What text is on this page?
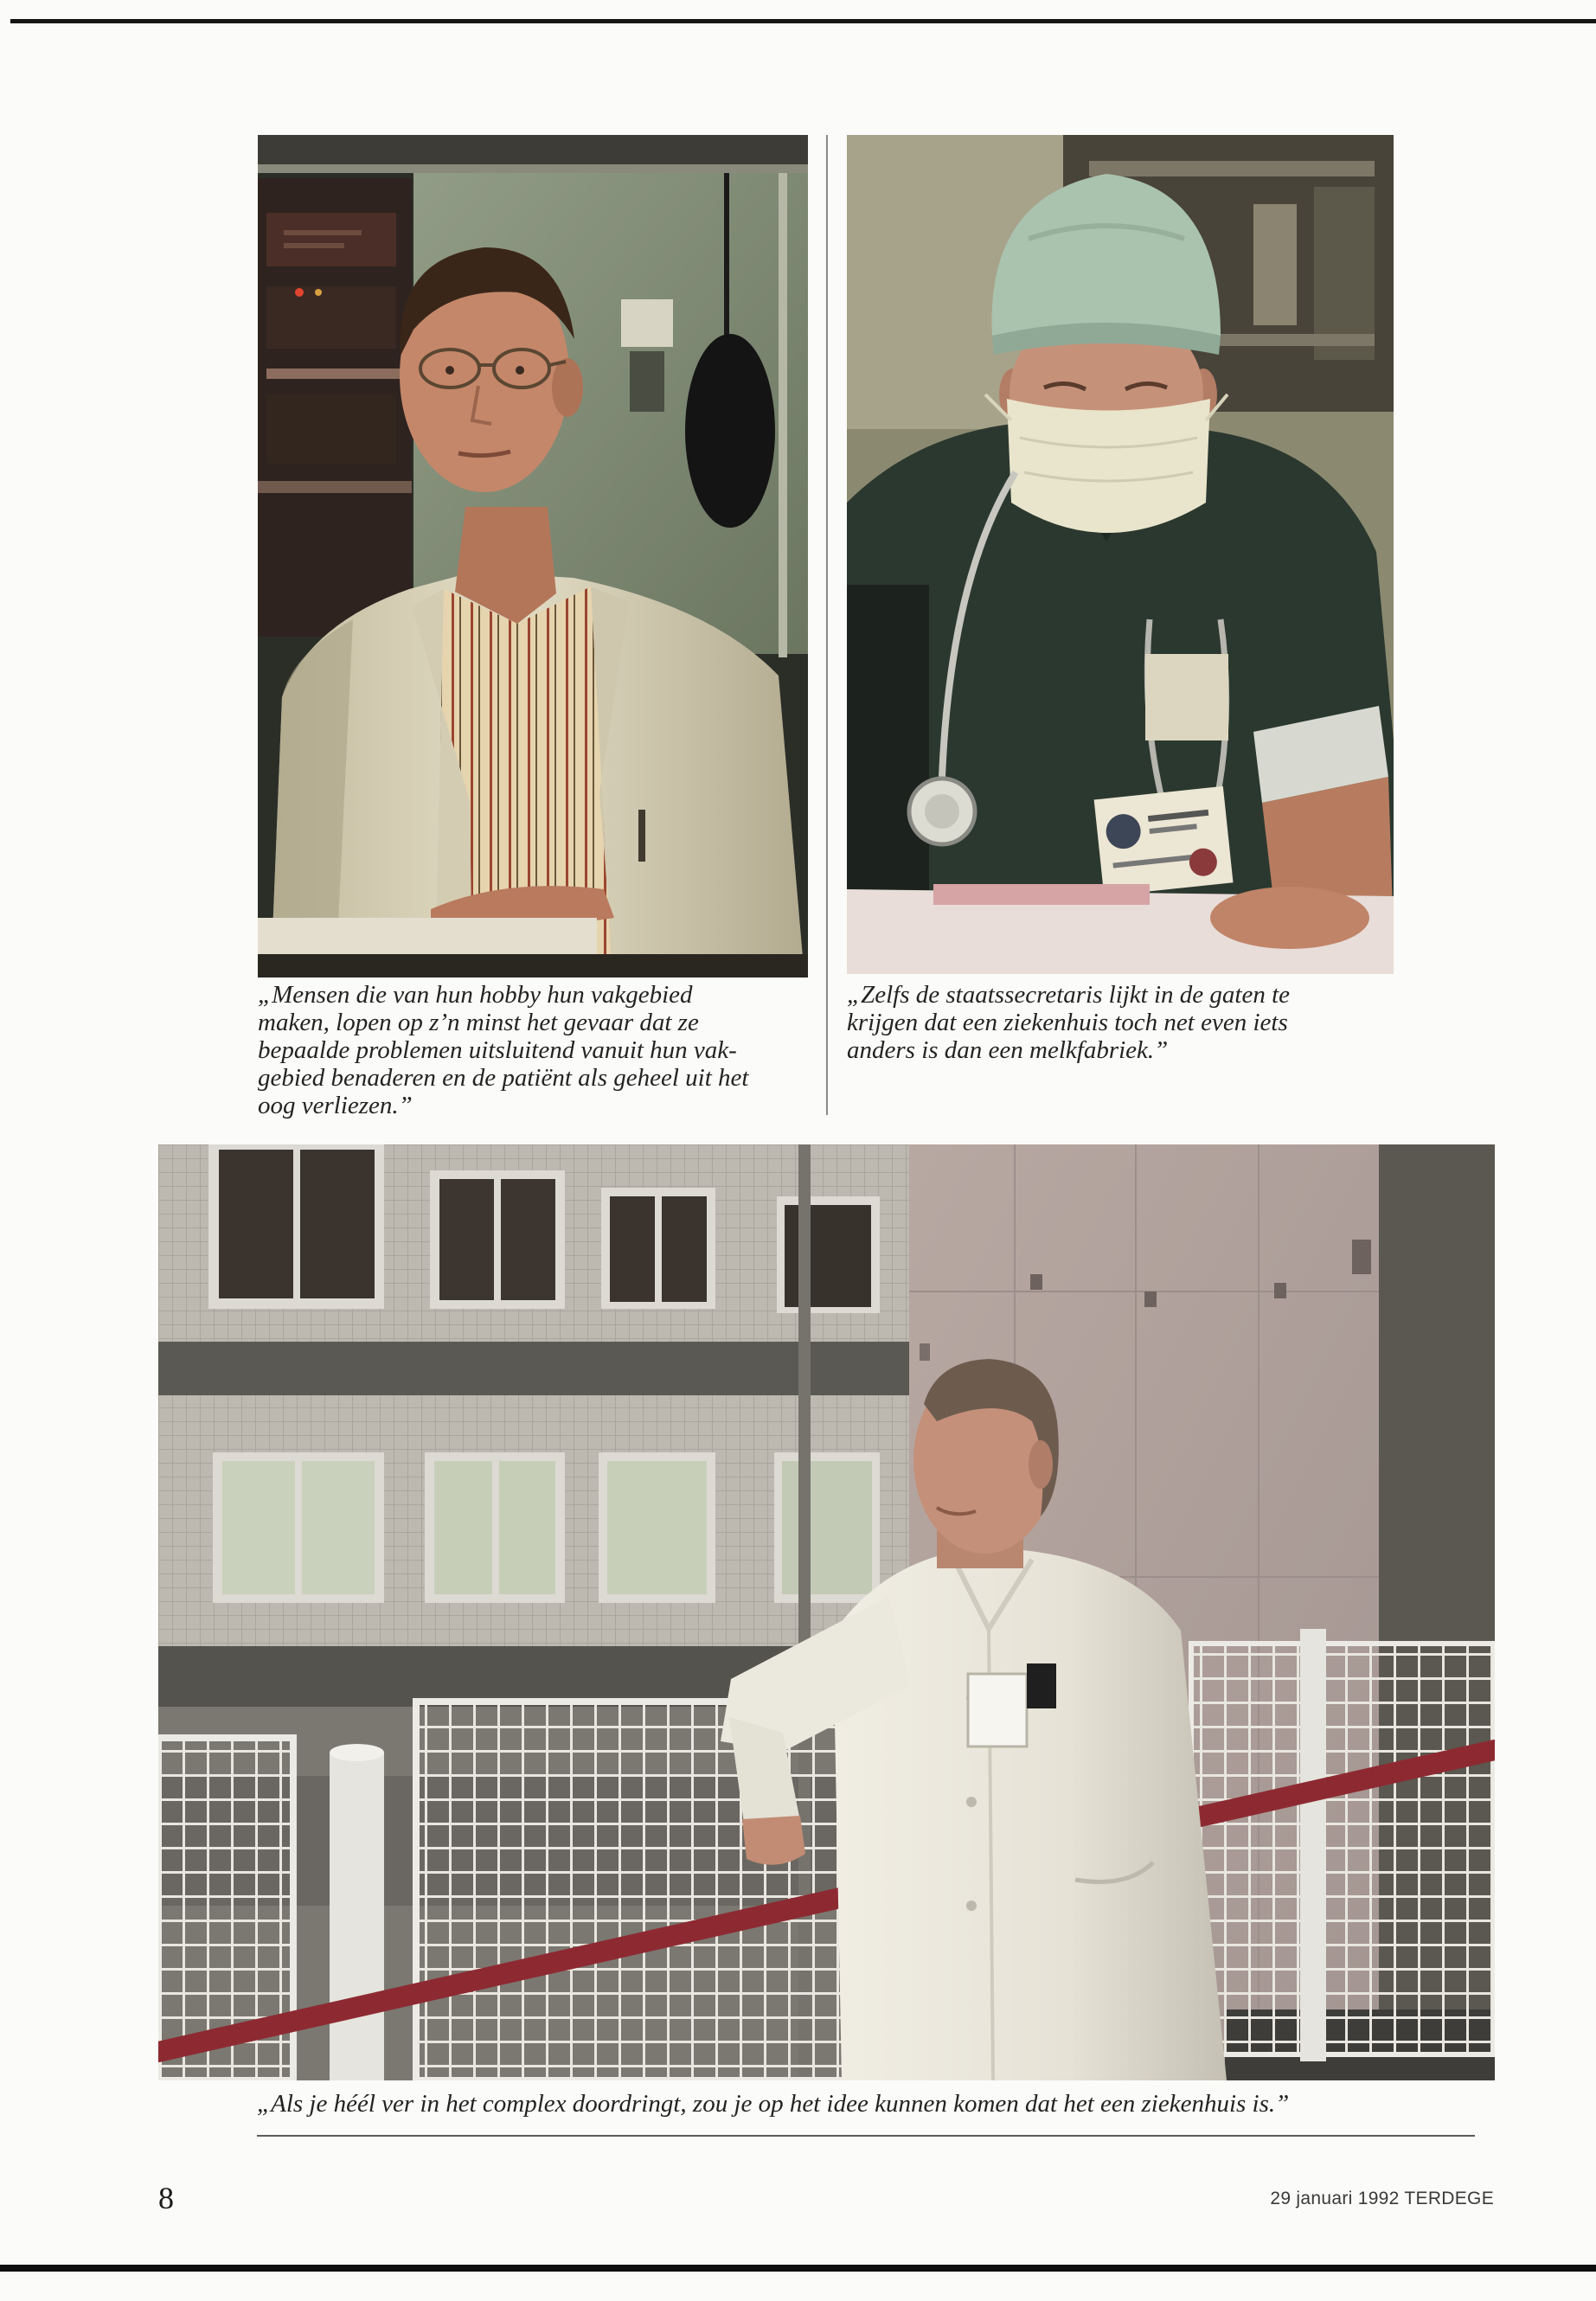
„Mensen die van hun hobby hun vakgebied
maken, lopen op z’n minst het gevaar dat ze
bepaalde problemen uitsluitend vanuit hun vak-
gebied benaderen en de patiënt als geheel uit het
oog verliezen.”

„Zelfs de staatssecretaris lijkt in de gaten te
krijgen dat een ziekenhuis toch net even iets
anders is dan een melkfabriek.”

„Als je héél ver in het complex doordringt, zou je op het idee kunnen komen dat het een ziekenhuis is.”

8	29 januari 1992 TERDEGE
